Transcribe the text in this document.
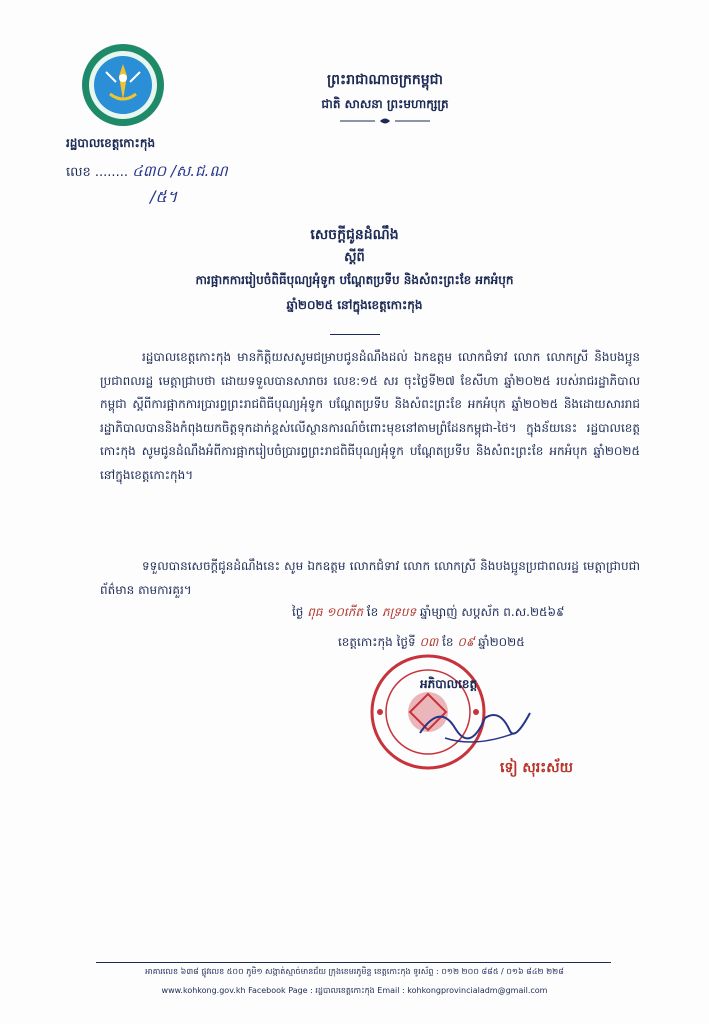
រដ្ឋបាលខេត្តកោះកុង
លេខ ........ ៤៣០ /ស.ជ.ណ
/៥។
ព្រះរាជាណាចក្រកម្ពុជា
ជាតិ សាសនា ព្រះមហាក្សត្រ
សេចក្ដីជូនដំណឹង
ស្ដីពី
ការផ្អាកការរៀបចំពិធីបុណ្យអុំទូក បណ្ដែតប្រទីប និងសំពះព្រះខែ អកអំបុក
ឆ្នាំ២០២៥ នៅក្នុងខេត្តកោះកុង
រដ្ឋបាលខេត្តកោះកុង មានកិត្តិយសសូមជម្រាបជូនដំណឹងដល់ ឯកឧត្តម លោកជំទាវ លោក លោកស្រី និងបងប្អូនប្រជាពលរដ្ឋ មេត្តាជ្រាបថា ដោយទទួលបានសារាចរ លេខ:១៥ សរ ចុះថ្ងៃទី២៧ ខែសីហា ឆ្នាំ២០២៥ របស់រាជរដ្ឋាភិបាលកម្ពុជា ស្ដីពីការផ្អាកការប្រារព្ធព្រះរាជពិធីបុណ្យអុំទូក បណ្ដែតប្រទីប និងសំពះព្រះខែ អកអំបុក ឆ្នាំ២០២៥ និងដោយសាររាជរដ្ឋាភិបាលបាននិងកំពុងយកចិត្តទុកដាក់ខ្ពស់លើស្ថានការណ៍ចំពោះមុខនៅតាមព្រំដែនកម្ពុជា-ថៃ។ ក្នុងន័យនេះ រដ្ឋបាលខេត្តកោះកុង សូមជូនដំណឹងអំពីការផ្អាករៀបចំប្រារព្ធព្រះរាជពិធីបុណ្យអុំទូក បណ្ដែតប្រទីប និងសំពះព្រះខែ អកអំបុក ឆ្នាំ២០២៥ នៅក្នុងខេត្តកោះកុង។
ទទួលបានសេចក្ដីជូនដំណឹងនេះ សូម ឯកឧត្តម លោកជំទាវ លោក លោកស្រី និងបងប្អូនប្រជាពលរដ្ឋ មេត្តាជ្រាបជាព័ត៌មាន តាមការគួរ។
ថ្ងៃ ពុធ ១០កើត ខែ ភទ្របទ ឆ្នាំម្សាញ់ សប្តស័ក ព.ស.២៥៦៩
ខេត្តកោះកុង ថ្ងៃទី ០៣ ខែ ០៩ ឆ្នាំ២០២៥
អភិបាលខេត្ត
ទៀ សុរះស័យ
អាគារលេខ ៦៣៨ ផ្លូវលេខ ៥០០ ភូមិ១ សង្កាត់ស្មាច់មានជ័យ ក្រុងខេមរភូមិន្ទ ខេត្តកោះកុង ទូរស័ព្ទ : ០១២ ២០០ ៨៨៥ / ០១៦ ៨៤២ ២២៨
www.kohkong.gov.kh Facebook Page : រដ្ឋបាលខេត្តកោះកុង Email : kohkongprovincialadm@gmail.com
